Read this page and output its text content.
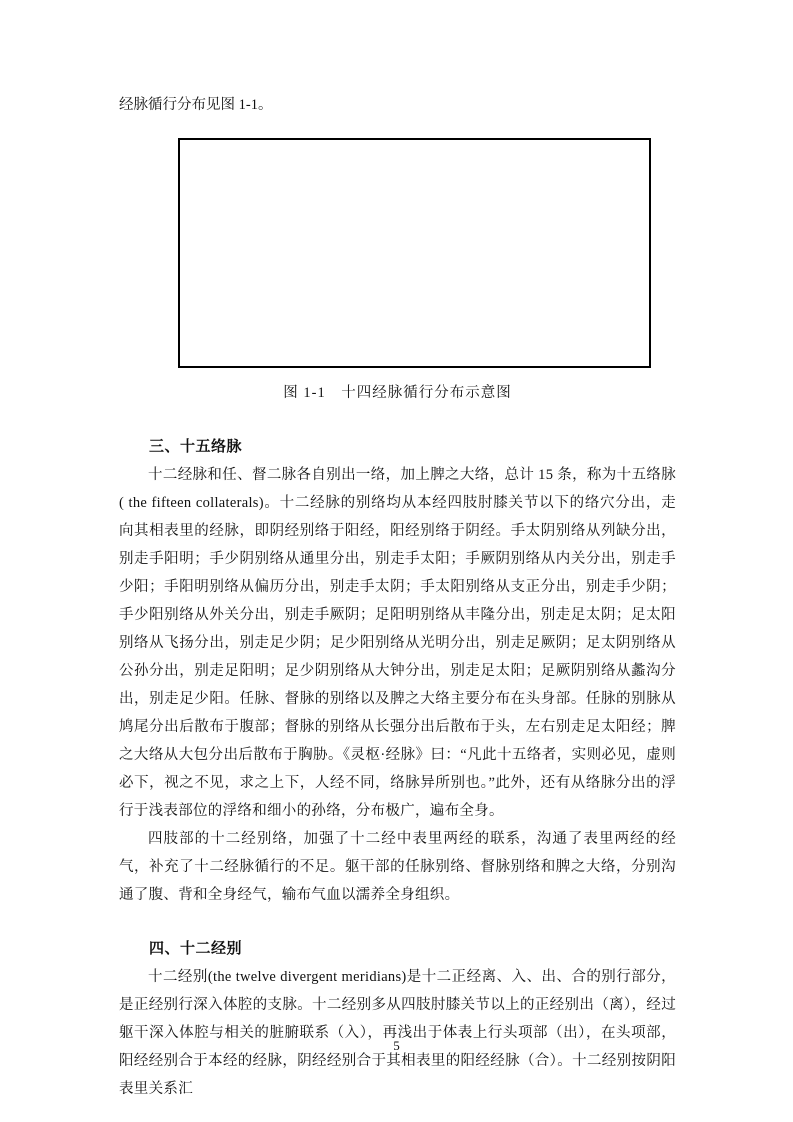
经脉循行分布见图 1-1。
图 1-1　十四经脉循行分布示意图
三、十五络脉
十二经脉和任、督二脉各自别出一络，加上脾之大络，总计 15 条，称为十五络脉( the fifteen collaterals)。十二经脉的别络均从本经四肢肘膝关节以下的络穴分出，走向其相表里的经脉，即阴经别络于阳经，阳经别络于阴经。手太阴别络从列缺分出，别走手阳明；手少阴别络从通里分出，别走手太阳；手厥阴别络从内关分出，别走手少阳；手阳明别络从偏历分出，别走手太阴；手太阳别络从支正分出，别走手少阴；手少阳别络从外关分出，别走手厥阴；足阳明别络从丰隆分出，别走足太阴；足太阳别络从飞扬分出，别走足少阴；足少阳别络从光明分出，别走足厥阴；足太阴别络从公孙分出，别走足阳明；足少阴别络从大钟分出，别走足太阳；足厥阴别络从蠡沟分出，别走足少阳。任脉、督脉的别络以及脾之大络主要分布在头身部。任脉的别脉从鸠尾分出后散布于腹部；督脉的别络从长强分出后散布于头，左右别走足太阳经；脾之大络从大包分出后散布于胸胁。《灵枢·经脉》曰：“凡此十五络者，实则必见，虚则必下，视之不见，求之上下，人经不同，络脉异所别也。”此外，还有从络脉分出的浮行于浅表部位的浮络和细小的孙络，分布极广，遍布全身。
四肢部的十二经别络，加强了十二经中表里两经的联系，沟通了表里两经的经气，补充了十二经脉循行的不足。躯干部的任脉别络、督脉别络和脾之大络，分别沟通了腹、背和全身经气，输布气血以濡养全身组织。
四、十二经别
十二经别(the twelve divergent meridians)是十二正经离、入、出、合的别行部分，是正经别行深入体腔的支脉。十二经别多从四肢肘膝关节以上的正经别出（离），经过躯干深入体腔与相关的脏腑联系（入），再浅出于体表上行头项部（出），在头项部，阳经经别合于本经的经脉，阴经经别合于其相表里的阳经经脉（合）。十二经别按阴阳表里关系汇
5
